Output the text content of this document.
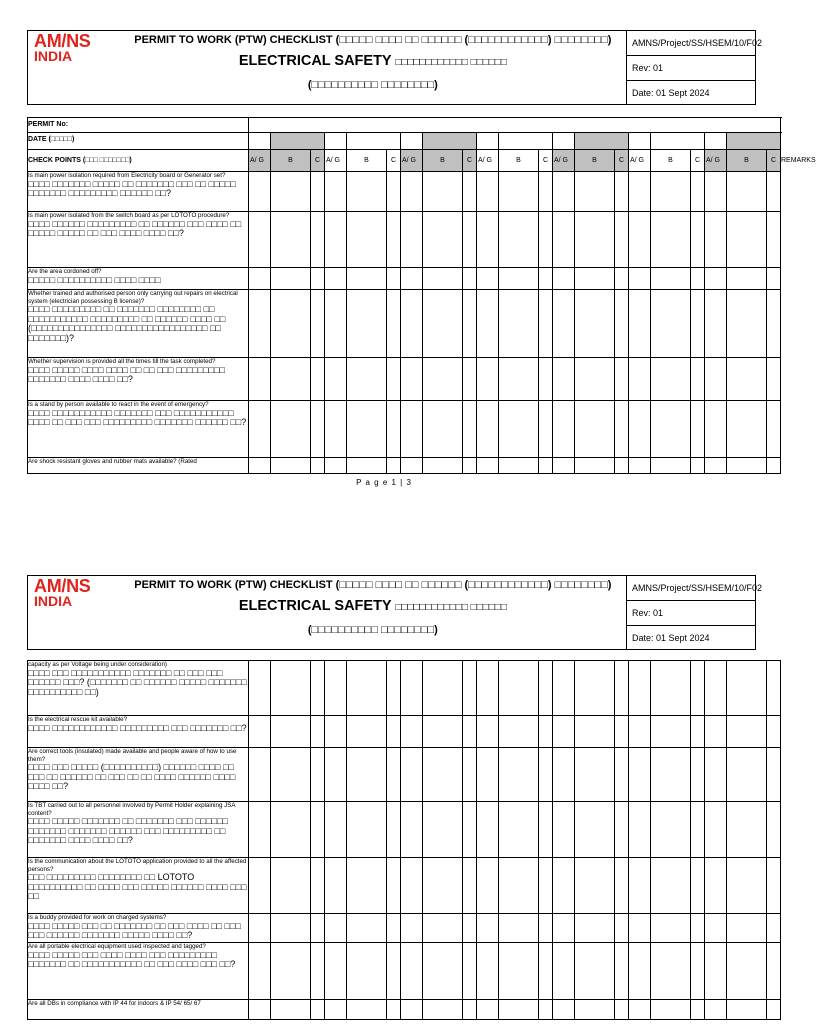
AM/NS
INDIA
PERMIT TO WORK (PTW) CHECKLIST (□□□□□ □□□□ □□ □□□□□□ (□□□□□□□□□□□□) □□□□□□□□)
ELECTRICAL SAFETY □□□□□□□□□□□□ □□□□□□
(□□□□□□□□□□ □□□□□□□□)
AMNS/Project/SS/HSEM/10/F02
Rev: 01
Date: 01 Sept 2024
PERMIT No:																						
DATE (□□□□□)																						
CHECK POINTS (□□□ □□□□□□□)	A/ G	B	C	A/ G	B	C	A/ G	B	C	A/ G	B	C	A/ G	B	C	A/ G	B	C	A/ G	B	C	REMARKS

Is main power isolation required from Electricity board or Generator set?
□□□□ □□□□□□□ □□□□□ □□ □□□□□□□ □□□ □□ □□□□□ □□□□□□□ □□□□□□□□□ □□□□□□ □□?																						

Is main power isolated from the switch board as per LOTOTO procedure?
□□□□ □□□□□□ □□□□□□□□□ □□ □□□□□□ □□□ □□□□ □□ □□□□□ □□□□□ □□ □□□ □□□□ □□□□ □□?																						

Are the area cordoned off?
□□□□□ □□□□□□□□□□ □□□□ □□□□																						

Whether trained and authorised person only carrying out repairs on electrical system (electrician possessing B license)?
□□□□ □□□□□□□□□ □□ □□□□□□□ □□□□□□□□ □□ □□□□□□□□□□□ □□□□□□□□□ □□ □□□□□□ □□□□ □□ (□□□□□□□□□□□□□□□ □□□□□□□□□□□□□□□□□ □□ □□□□□□□)?																						

Whether supervision is provided all the times till the task completed?
□□□□ □□□□□ □□□□ □□□□ □□ □□ □□□ □□□□□□□□□ □□□□□□□ □□□□ □□□□ □□?																						

Is a stand by person available to react in the event of emergency?
□□□□ □□□□□□□□□□□ □□□□□□□ □□□ □□□□□□□□□□□ □□□□ □□ □□□ □□□ □□□□□□□□□ □□□□□□□ □□□□□□ □□?																						

Are shock resistant gloves and rubber mats available? (Rated																						

P a g e 1 | 3
AM/NS
INDIA
PERMIT TO WORK (PTW) CHECKLIST (□□□□□ □□□□ □□ □□□□□□ (□□□□□□□□□□□□) □□□□□□□□)
ELECTRICAL SAFETY □□□□□□□□□□□□ □□□□□□
(□□□□□□□□□□ □□□□□□□□)
AMNS/Project/SS/HSEM/10/F02
Rev: 01
Date: 01 Sept 2024
capacity as per Voltage being under consideration)
□□□□ □□□ □□□□□□□□□□□ □□□□□□□ □□ □□□ □□□ □□□□□□ □□□? (□□□□□□□ □□ □□□□□□ □□□□□ □□□□□□□ □□□□□□□□□□ □□)																						

Is the electrical rescue kit available?
□□□□ □□□□□□□□□□□□ □□□□□□□□□ □□□ □□□□□□□ □□?																						

Are correct tools (insulated) made available and people aware of how to use them?
□□□□ □□□ □□□□□ (□□□□□□□□□□) □□□□□□ □□□□ □□ □□□ □□ □□□□□□ □□ □□□ □□ □□ □□□□ □□□□□□ □□□□ □□□□ □□?																						

Is TBT carried out to all personnel involved by Permit Holder explaining JSA content?
□□□□ □□□□□ □□□□□□□ □□ □□□□□□□ □□□ □□□□□□ □□□□□□□ □□□□□□□ □□□□□□ □□□ □□□□□□□□□ □□ □□□□□□□ □□□□ □□□□ □□?																						

Is the communication about the LOTOTO application provided to all the affected persons?
□□□ □□□□□□□□□ □□□□□□□□ □□ LOTOTO □□□□□□□□□□ □□ □□□□ □□□ □□□□□ □□□□□□ □□□□ □□□ □□																						

Is a buddy provided for work on charged systems?
□□□□ □□□□□ □□□ □□ □□□□□□□ □□ □□□ □□□□ □□ □□□ □□□ □□□□□□ □□□□□□□ □□□□□ □□□□ □□?																						

Are all portable electrical equipment used inspected and tagged?
□□□□ □□□□□ □□□ □□□□ □□□□ □□□ □□□□□□□□□ □□□□□□□ □□ □□□□□□□□□□□ □□ □□□ □□□□ □□□ □□?																						

Are all DBs in compliance with IP 44 for indoors & IP 54/ 65/ 67																						
